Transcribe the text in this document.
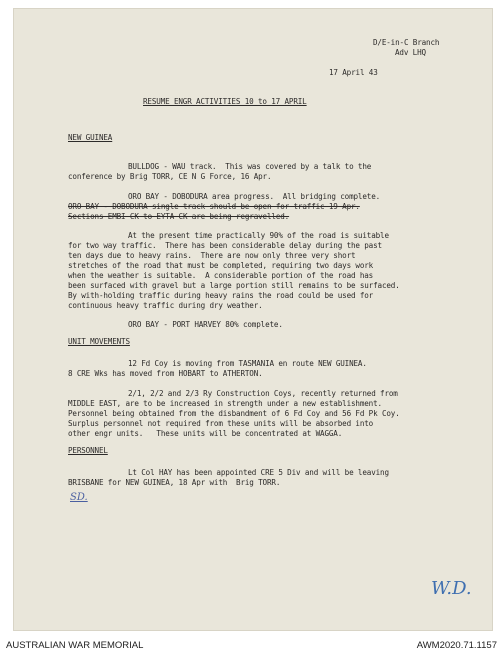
D/E-in-C Branch

Adv LHQ

17 April 43

RESUME ENGR ACTIVITIES 10 to 17 APRIL

NEW GUINEA

BULLDOG - WAU track.  This was covered by a talk to the

conference by Brig TORR, CE N G Force, 16 Apr.

ORO BAY - DOBODURA area progress.  All bridging complete.

ORO BAY - DOBODURA single track should be open for traffic 19 Apr.

Sections EMBI CK to EYTA CK are being regravelled.

At the present time practically 90% of the road is suitable

for two way traffic.  There has been considerable delay during the past

ten days due to heavy rains.  There are now only three very short

stretches of the road that must be completed, requiring two days work

when the weather is suitable.  A considerable portion of the road has

been surfaced with gravel but a large portion still remains to be surfaced.

By with-holding traffic during heavy rains the road could be used for

continuous heavy traffic during dry weather.

ORO BAY - PORT HARVEY 80% complete.

UNIT MOVEMENTS

12 Fd Coy is moving from TASMANIA en route NEW GUINEA.

8 CRE Wks has moved from HOBART to ATHERTON.

2/1, 2/2 and 2/3 Ry Construction Coys, recently returned from

MIDDLE EAST, are to be increased in strength under a new establishment.

Personnel being obtained from the disbandment of 6 Fd Coy and 56 Fd Pk Coy.

Surplus personnel not required from these units will be absorbed into

other engr units.   These units will be concentrated at WAGGA.

PERSONNEL

Lt Col HAY has been appointed CRE 5 Div and will be leaving

BRISBANE for NEW GUINEA, 18 Apr with  Brig TORR.

SD.
W.D.
AUSTRALIAN WAR MEMORIAL	AWM2020.71.1157
